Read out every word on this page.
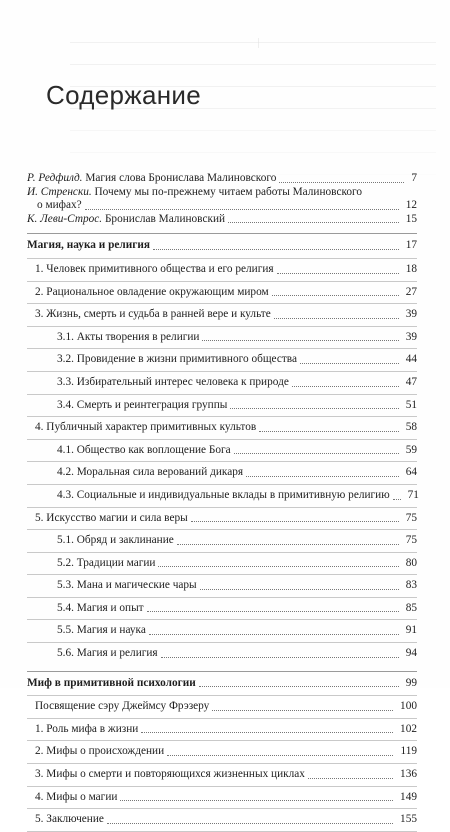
Содержание
Р. Редфилд. Магия слова Бронислава Малиновского	7
И. Стренски. Почему мы по-прежнему читаем работы Малиновского
о мифах?	12
К. Леви-Строс. Бронислав Малиновский	15
Магия, наука и религия	17
1. Человек примитивного общества и его религия	18
2. Рациональное овладение окружающим миром	27
3. Жизнь, смерть и судьба в ранней вере и культе	39
3.1. Акты творения в религии	39
3.2. Провидение в жизни примитивного общества	44
3.3. Избирательный интерес человека к природе	47
3.4. Смерть и реинтеграция группы	51
4. Публичный характер примитивных культов	58
4.1. Общество как воплощение Бога	59
4.2. Моральная сила верований дикаря	64
4.3. Социальные и индивидуальные вклады в примитивную религию	71
5. Искусство магии и сила веры	75
5.1. Обряд и заклинание	75
5.2. Традиции магии	80
5.3. Мана и магические чары	83
5.4. Магия и опыт	85
5.5. Магия и наука	91
5.6. Магия и религия	94
Миф в примитивной психологии	99
Посвящение сэру Джеймсу Фрэзеру	100
1. Роль мифа в жизни	102
2. Мифы о происхождении	119
3. Мифы о смерти и повторяющихся жизненных циклах	136
4. Мифы о магии	149
5. Заключение	155
